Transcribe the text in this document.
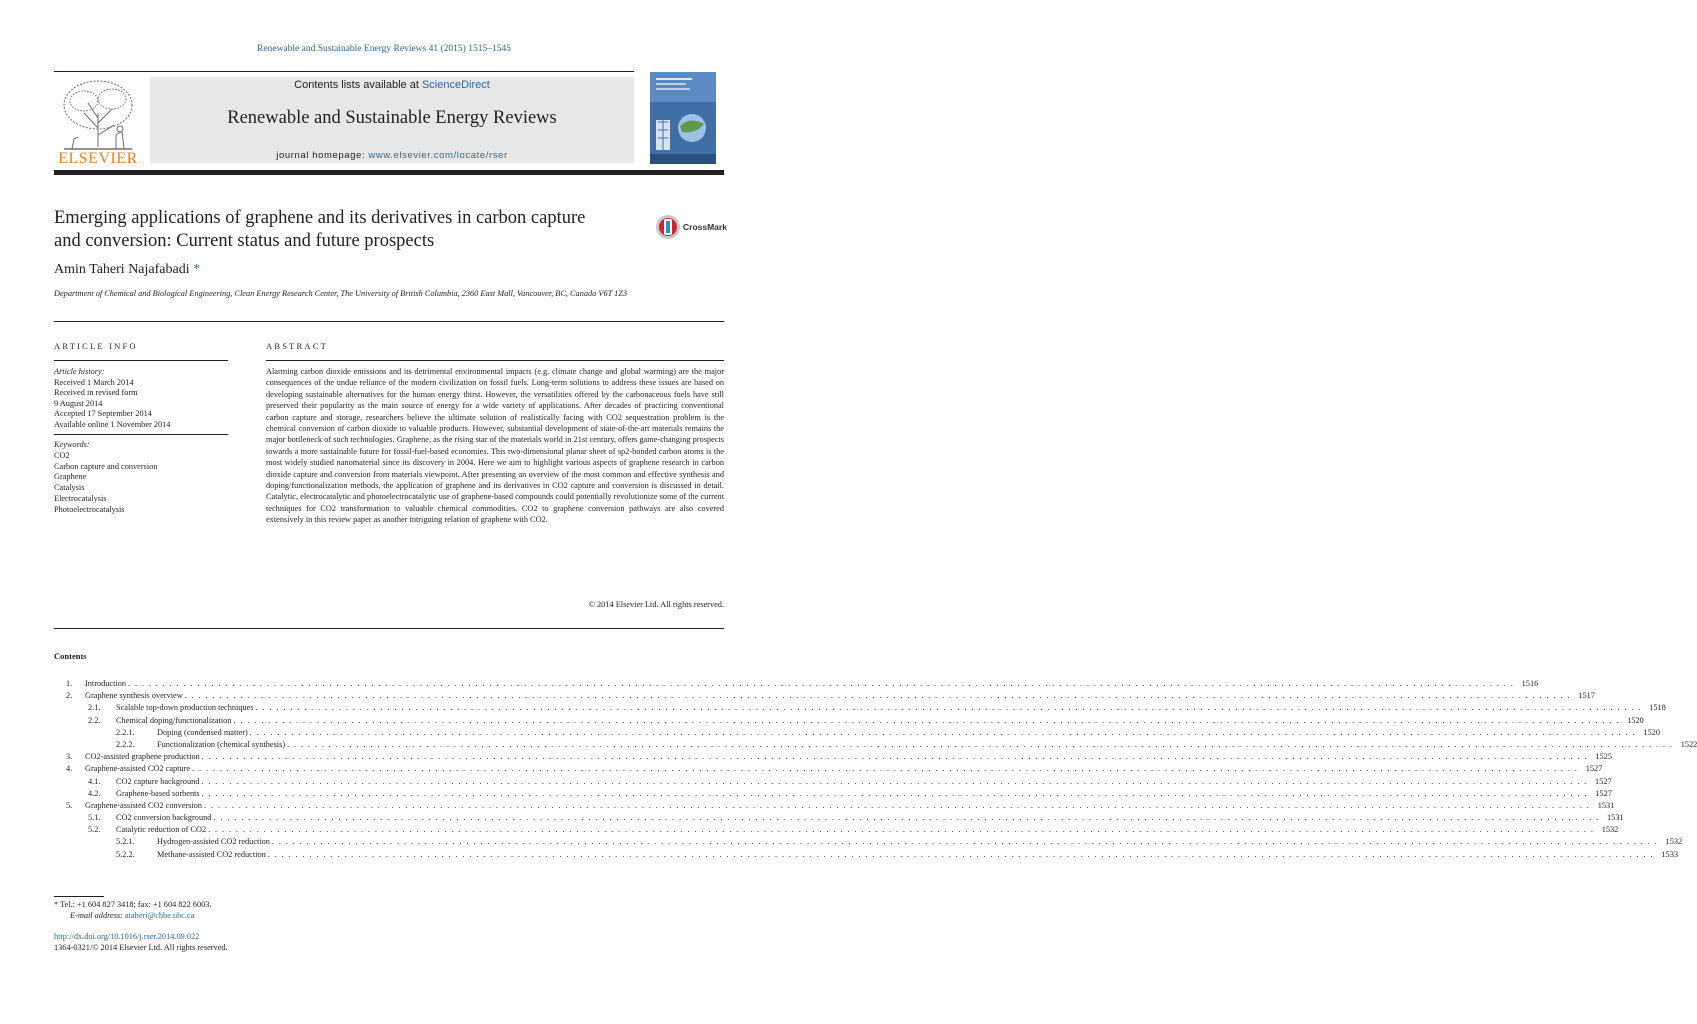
Renewable and Sustainable Energy Reviews 41 (2015) 1515–1545
ELSEVIER
Contents lists available at ScienceDirect
Renewable and Sustainable Energy Reviews
journal homepage: www.elsevier.com/locate/rser
Emerging applications of graphene and its derivatives in carbon capture and conversion: Current status and future prospects
CrossMark
Amin Taheri Najafabadi *
Department of Chemical and Biological Engineering, Clean Energy Research Center, The University of British Columbia, 2360 East Mall, Vancouver, BC, Canada V6T 1Z3
ARTICLE INFO
Article history:
Received 1 March 2014
Received in revised form
9 August 2014
Accepted 17 September 2014
Available online 1 November 2014
Keywords:
CO2
Carbon capture and conversion
Graphene
Catalysis
Electrocatalysis
Photoelectrocatalysis
ABSTRACT
Alarming carbon dioxide emissions and its detrimental environmental impacts (e.g. climate change and global warming) are the major consequences of the undue reliance of the modern civilization on fossil fuels. Long-term solutions to address these issues are based on developing sustainable alternatives for the human energy thirst. However, the versatilities offered by the carbonaceous fuels have still preserved their popularity as the main source of energy for a wide variety of applications. After decades of practicing conventional carbon capture and storage, researchers believe the ultimate solution of realistically facing with CO2 sequestration problem is the chemical conversion of carbon dioxide to valuable products. However, substantial development of state-of-the-art materials remains the major bottleneck of such technologies. Graphene, as the rising star of the materials world in 21st century, offers game-changing prospects towards a more sustainable future for fossil-fuel-based economies. This two-dimensional planar sheet of sp2-bonded carbon atoms is the most widely studied nanomaterial since its discovery in 2004. Here we aim to highlight various aspects of graphene research in carbon dioxide capture and conversion from materials viewpoint. After presenting an overview of the most common and effective synthesis and doping/functionalization methods, the application of graphene and its derivatives in CO2 capture and conversion is discussed in detail. Catalytic, electrocatalytic and photoelectrocatalytic use of graphene-based compounds could potentially revolutionize some of the current techniques for CO2 transformation to valuable chemical commodities. CO2 to graphene conversion pathways are also covered extensively in this review paper as another intriguing relation of graphene with CO2.
© 2014 Elsevier Ltd. All rights reserved.
Contents
1.	Introduction . . . . . . . . . . . . . . . . . . . . . . . . . . . . . . . . . . . . . . . . . . . . . . . . . . . . . . . . . . . . . . . . . . . . . . . . . . . . . . . . . . . . . . . . . . . . . . . . . . . . . . . . . . . . . . . . . . . . . . . . . . . . . . . . . . . . . . . . . . . . . . . . . . . . . . . . . . . . . . . . . . . . . . . . . . . . . . . . . . . . . . . . . . . . . . . . . . . . . . . . 1516
2.	Graphene synthesis overview . . . . . . . . . . . . . . . . . . . . . . . . . . . . . . . . . . . . . . . . . . . . . . . . . . . . . . . . . . . . . . . . . . . . . . . . . . . . . . . . . . . . . . . . . . . . . . . . . . . . . . . . . . . . . . . . . . . . . . . . . . . . . . . . . . . . . . . . . . . . . . . . . . . . . . . . . . . . . . . . . . . . . . . . . . . . . . . . . . . . . . . . . . . . . . . . . . . . . . . . 1517
2.1.	Scalable top-down production techniques . . . . . . . . . . . . . . . . . . . . . . . . . . . . . . . . . . . . . . . . . . . . . . . . . . . . . . . . . . . . . . . . . . . . . . . . . . . . . . . . . . . . . . . . . . . . . . . . . . . . . . . . . . . . . . . . . . . . . . . . . . . . . . . . . . . . . . . . . . . . . . . . . . . . . . . . . . . . . . . . . . . . . . . . . . . . . . . . . . . . . . . . . . . . . . . . . . . . . . . . 1518
2.2.	Chemical doping/functionalization . . . . . . . . . . . . . . . . . . . . . . . . . . . . . . . . . . . . . . . . . . . . . . . . . . . . . . . . . . . . . . . . . . . . . . . . . . . . . . . . . . . . . . . . . . . . . . . . . . . . . . . . . . . . . . . . . . . . . . . . . . . . . . . . . . . . . . . . . . . . . . . . . . . . . . . . . . . . . . . . . . . . . . . . . . . . . . . . . . . . . . . . . . . . . . . . . . . . . . . . 1520
2.2.1.	Doping (condensed matter) . . . . . . . . . . . . . . . . . . . . . . . . . . . . . . . . . . . . . . . . . . . . . . . . . . . . . . . . . . . . . . . . . . . . . . . . . . . . . . . . . . . . . . . . . . . . . . . . . . . . . . . . . . . . . . . . . . . . . . . . . . . . . . . . . . . . . . . . . . . . . . . . . . . . . . . . . . . . . . . . . . . . . . . . . . . . . . . . . . . . . . . . . . . . . . . . . . . . . . . . 1520
2.2.2.	Functionalization (chemical synthesis) . . . . . . . . . . . . . . . . . . . . . . . . . . . . . . . . . . . . . . . . . . . . . . . . . . . . . . . . . . . . . . . . . . . . . . . . . . . . . . . . . . . . . . . . . . . . . . . . . . . . . . . . . . . . . . . . . . . . . . . . . . . . . . . . . . . . . . . . . . . . . . . . . . . . . . . . . . . . . . . . . . . . . . . . . . . . . . . . . . . . . . . . . . . . . . . . . . . . . . . . 1522
3.	CO2-assisted graphene production . . . . . . . . . . . . . . . . . . . . . . . . . . . . . . . . . . . . . . . . . . . . . . . . . . . . . . . . . . . . . . . . . . . . . . . . . . . . . . . . . . . . . . . . . . . . . . . . . . . . . . . . . . . . . . . . . . . . . . . . . . . . . . . . . . . . . . . . . . . . . . . . . . . . . . . . . . . . . . . . . . . . . . . . . . . . . . . . . . . . . . . . . . . . . . . . . . . . . . . . 1525
4.	Graphene-assisted CO2 capture . . . . . . . . . . . . . . . . . . . . . . . . . . . . . . . . . . . . . . . . . . . . . . . . . . . . . . . . . . . . . . . . . . . . . . . . . . . . . . . . . . . . . . . . . . . . . . . . . . . . . . . . . . . . . . . . . . . . . . . . . . . . . . . . . . . . . . . . . . . . . . . . . . . . . . . . . . . . . . . . . . . . . . . . . . . . . . . . . . . . . . . . . . . . . . . . . . . . . . . . 1527
4.1.	CO2 capture background . . . . . . . . . . . . . . . . . . . . . . . . . . . . . . . . . . . . . . . . . . . . . . . . . . . . . . . . . . . . . . . . . . . . . . . . . . . . . . . . . . . . . . . . . . . . . . . . . . . . . . . . . . . . . . . . . . . . . . . . . . . . . . . . . . . . . . . . . . . . . . . . . . . . . . . . . . . . . . . . . . . . . . . . . . . . . . . . . . . . . . . . . . . . . . . . . . . . . . . . 1527
4.2.	Graphene-based sorbents . . . . . . . . . . . . . . . . . . . . . . . . . . . . . . . . . . . . . . . . . . . . . . . . . . . . . . . . . . . . . . . . . . . . . . . . . . . . . . . . . . . . . . . . . . . . . . . . . . . . . . . . . . . . . . . . . . . . . . . . . . . . . . . . . . . . . . . . . . . . . . . . . . . . . . . . . . . . . . . . . . . . . . . . . . . . . . . . . . . . . . . . . . . . . . . . . . . . . . . . 1527
5.	Graphene-assisted CO2 conversion . . . . . . . . . . . . . . . . . . . . . . . . . . . . . . . . . . . . . . . . . . . . . . . . . . . . . . . . . . . . . . . . . . . . . . . . . . . . . . . . . . . . . . . . . . . . . . . . . . . . . . . . . . . . . . . . . . . . . . . . . . . . . . . . . . . . . . . . . . . . . . . . . . . . . . . . . . . . . . . . . . . . . . . . . . . . . . . . . . . . . . . . . . . . . . . . . . . . . . . . 1531
5.1.	CO2 conversion background . . . . . . . . . . . . . . . . . . . . . . . . . . . . . . . . . . . . . . . . . . . . . . . . . . . . . . . . . . . . . . . . . . . . . . . . . . . . . . . . . . . . . . . . . . . . . . . . . . . . . . . . . . . . . . . . . . . . . . . . . . . . . . . . . . . . . . . . . . . . . . . . . . . . . . . . . . . . . . . . . . . . . . . . . . . . . . . . . . . . . . . . . . . . . . . . . . . . . . . . 1531
5.2.	Catalytic reduction of CO2 . . . . . . . . . . . . . . . . . . . . . . . . . . . . . . . . . . . . . . . . . . . . . . . . . . . . . . . . . . . . . . . . . . . . . . . . . . . . . . . . . . . . . . . . . . . . . . . . . . . . . . . . . . . . . . . . . . . . . . . . . . . . . . . . . . . . . . . . . . . . . . . . . . . . . . . . . . . . . . . . . . . . . . . . . . . . . . . . . . . . . . . . . . . . . . . . . . . . . . . . 1532
5.2.1.	Hydrogen-assisted CO2 reduction . . . . . . . . . . . . . . . . . . . . . . . . . . . . . . . . . . . . . . . . . . . . . . . . . . . . . . . . . . . . . . . . . . . . . . . . . . . . . . . . . . . . . . . . . . . . . . . . . . . . . . . . . . . . . . . . . . . . . . . . . . . . . . . . . . . . . . . . . . . . . . . . . . . . . . . . . . . . . . . . . . . . . . . . . . . . . . . . . . . . . . . . . . . . . . . . . . . . . . . . 1532
5.2.2.	Methane-assisted CO2 reduction . . . . . . . . . . . . . . . . . . . . . . . . . . . . . . . . . . . . . . . . . . . . . . . . . . . . . . . . . . . . . . . . . . . . . . . . . . . . . . . . . . . . . . . . . . . . . . . . . . . . . . . . . . . . . . . . . . . . . . . . . . . . . . . . . . . . . . . . . . . . . . . . . . . . . . . . . . . . . . . . . . . . . . . . . . . . . . . . . . . . . . . . . . . . . . . . . . . . . . . . 1533
* Tel.: +1 604 827 3418; fax: +1 604 822 6003.
E-mail address: ataheri@chbe.ubc.ca
http://dx.doi.org/10.1016/j.rser.2014.09.022
1364-0321/© 2014 Elsevier Ltd. All rights reserved.
